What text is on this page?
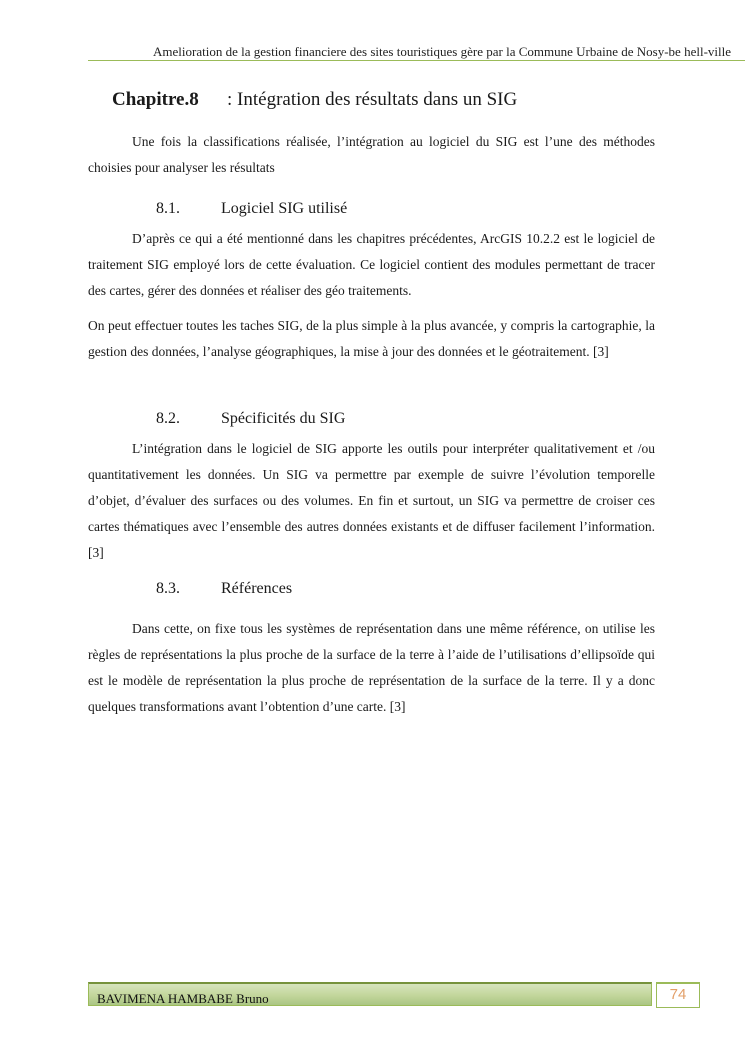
Amelioration de la gestion financiere des sites touristiques gère par la Commune Urbaine de Nosy-be hell-ville
Chapitre.8 : Intégration des résultats dans un SIG

Une fois la classifications réalisée, l’intégration au logiciel du SIG est l’une des méthodes choisies pour analyser les résultats

8.1.	Logiciel SIG utilisé

D’après ce qui a été mentionné dans les chapitres précédentes, ArcGIS 10.2.2 est le logiciel de traitement SIG employé lors de cette évaluation. Ce logiciel contient des modules permettant de tracer des cartes, gérer des données et réaliser des géo traitements.

On peut effectuer toutes les taches SIG, de la plus simple à la plus avancée, y compris la cartographie, la gestion des données, l’analyse géographiques, la mise à jour des données et le géotraitement. [3]

8.2.	Spécificités du SIG

L’intégration dans le logiciel de SIG apporte les outils pour interpréter qualitativement et /ou quantitativement les données. Un SIG va permettre par exemple de suivre l’évolution temporelle d’objet, d’évaluer des surfaces ou des volumes. En fin et surtout, un SIG va permettre de croiser ces cartes thématiques avec l’ensemble des autres données existants et de diffuser facilement l’information. [3]

8.3.	Références

Dans cette, on fixe tous les systèmes de représentation dans une même référence, on utilise les règles de représentations la plus proche de la surface de la terre à l’aide de l’utilisations d’ellipsoïde qui est le modèle de représentation la plus proche de représentation de la surface de la terre. Il y a donc quelques transformations avant l’obtention d’une carte. [3]

BAVIMENA HAMBABE Bruno	74
